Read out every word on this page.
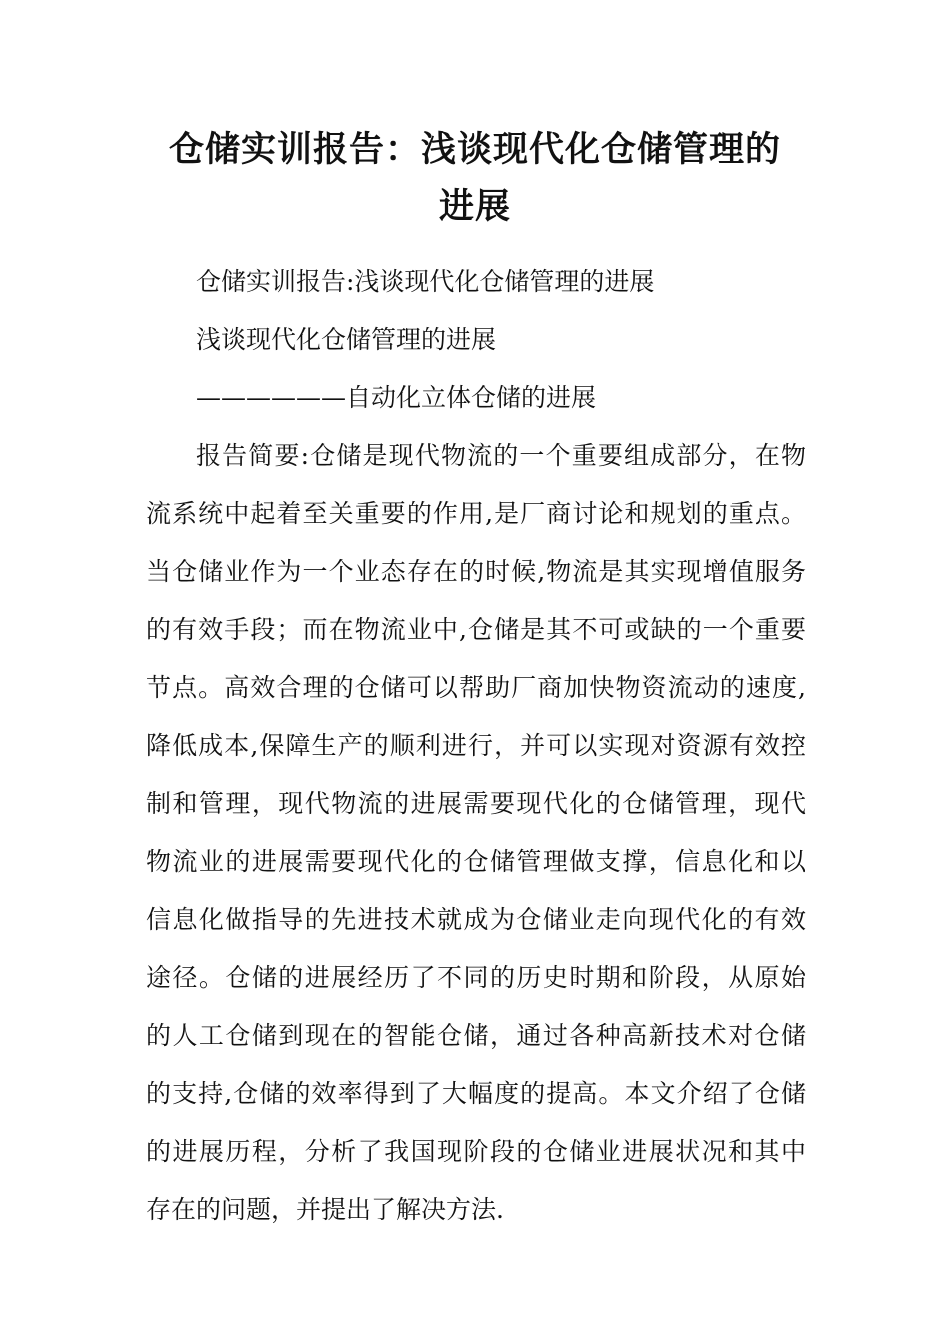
仓储实训报告：浅谈现代化仓储管理的
进展
仓储实训报告:浅谈现代化仓储管理的进展
浅谈现代化仓储管理的进展
——————自动化立体仓储的进展
报告简要:仓储是现代物流的一个重要组成部分，在物
流系统中起着至关重要的作用,是厂商讨论和规划的重点。
当仓储业作为一个业态存在的时候,物流是其实现增值服务
的有效手段；而在物流业中,仓储是其不可或缺的一个重要
节点。高效合理的仓储可以帮助厂商加快物资流动的速度,
降低成本,保障生产的顺利进行，并可以实现对资源有效控
制和管理，现代物流的进展需要现代化的仓储管理，现代
物流业的进展需要现代化的仓储管理做支撑，信息化和以
信息化做指导的先进技术就成为仓储业走向现代化的有效
途径。仓储的进展经历了不同的历史时期和阶段，从原始
的人工仓储到现在的智能仓储，通过各种高新技术对仓储
的支持,仓储的效率得到了大幅度的提高。本文介绍了仓储
的进展历程，分析了我国现阶段的仓储业进展状况和其中
存在的问题，并提出了解决方法.
